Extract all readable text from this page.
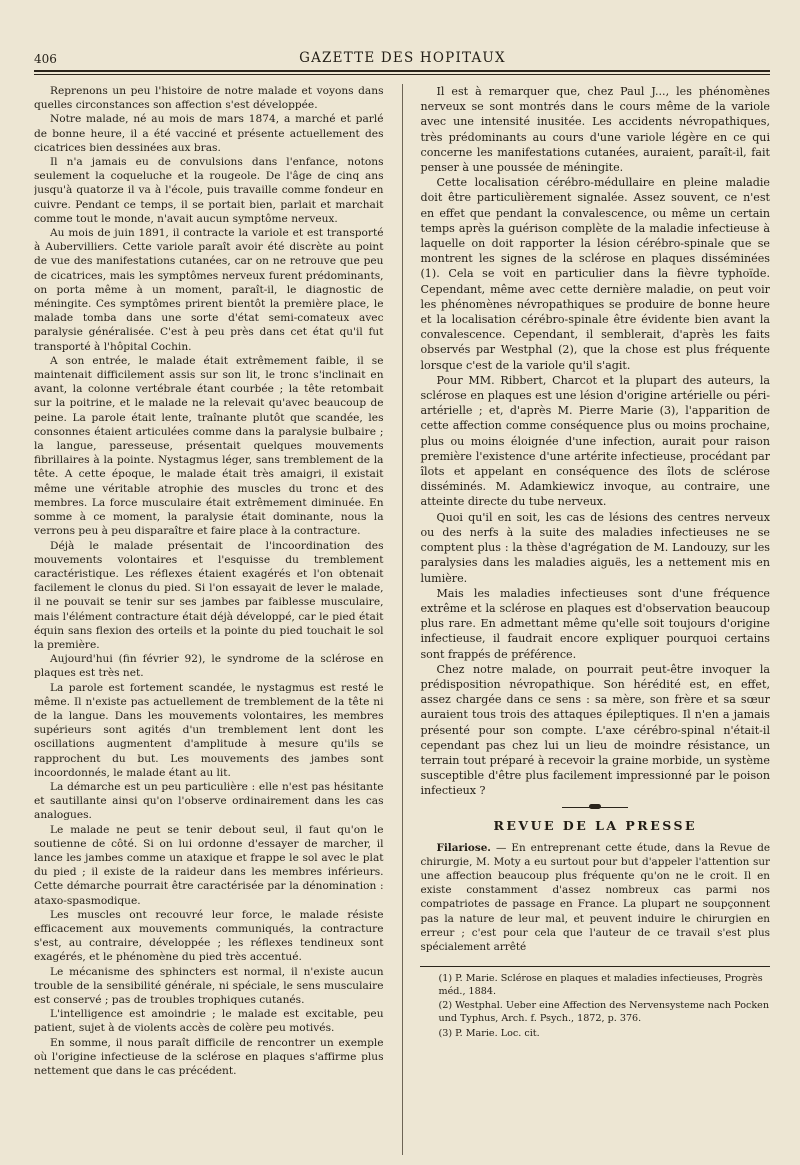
406	GAZETTE DES HOPITAUX

Reprenons un peu l'histoire de notre malade et voyons dans quelles circonstances son affection s'est développée.

Notre malade, né au mois de mars 1874, a marché et parlé de bonne heure, il a été vacciné et présente actuellement des cicatrices bien dessinées aux bras.

Il n'a jamais eu de convulsions dans l'enfance, notons seulement la coqueluche et la rougeole. De l'âge de cinq ans jusqu'à quatorze il va à l'école, puis travaille comme fondeur en cuivre. Pendant ce temps, il se portait bien, parlait et marchait comme tout le monde, n'avait aucun symptôme nerveux.

Au mois de juin 1891, il contracte la variole et est transporté à Aubervilliers. Cette variole paraît avoir été discrète au point de vue des manifestations cutanées, car on ne retrouve que peu de cicatrices, mais les symptômes nerveux furent prédominants, on porta même à un moment, paraît-il, le diagnostic de méningite. Ces symptômes prirent bientôt la première place, le malade tomba dans une sorte d'état semi-comateux avec paralysie généralisée. C'est à peu près dans cet état qu'il fut transporté à l'hôpital Cochin.

A son entrée, le malade était extrêmement faible, il se maintenait difficilement assis sur son lit, le tronc s'inclinait en avant, la colonne vertébrale étant courbée ; la tête retombait sur la poitrine, et le malade ne la relevait qu'avec beaucoup de peine. La parole était lente, traînante plutôt que scandée, les consonnes étaient articulées comme dans la paralysie bulbaire ; la langue, paresseuse, présentait quelques mouvements fibrillaires à la pointe. Nystagmus léger, sans tremblement de la tête. A cette époque, le malade était très amaigri, il existait même une véritable atrophie des muscles du tronc et des membres. La force musculaire était extrêmement diminuée. En somme à ce moment, la paralysie était dominante, nous la verrons peu à peu disparaître et faire place à la contracture.

Déjà le malade présentait de l'incoordination des mouvements volontaires et l'esquisse du tremblement caractéristique. Les réflexes étaient exagérés et l'on obtenait facilement le clonus du pied. Si l'on essayait de lever le malade, il ne pouvait se tenir sur ses jambes par faiblesse musculaire, mais l'élément contracture était déjà développé, car le pied était équin sans flexion des orteils et la pointe du pied touchait le sol la première.

Aujourd'hui (fin février 92), le syndrome de la sclérose en plaques est très net.

La parole est fortement scandée, le nystagmus est resté le même. Il n'existe pas actuellement de tremblement de la tête ni de la langue. Dans les mouvements volontaires, les membres supérieurs sont agités d'un tremblement lent dont les oscillations augmentent d'amplitude à mesure qu'ils se rapprochent du but. Les mouvements des jambes sont incoordonnés, le malade étant au lit.

La démarche est un peu particulière : elle n'est pas hésitante et sautillante ainsi qu'on l'observe ordinairement dans les cas analogues.

Le malade ne peut se tenir debout seul, il faut qu'on le soutienne de côté. Si on lui ordonne d'essayer de marcher, il lance les jambes comme un ataxique et frappe le sol avec le plat du pied ; il existe de la raideur dans les membres inférieurs. Cette démarche pourrait être caractérisée par la dénomination : ataxo-spasmodique.

Les muscles ont recouvré leur force, le malade résiste efficacement aux mouvements communiqués, la contracture s'est, au contraire, développée ; les réflexes tendineux sont exagérés, et le phénomène du pied très accentué.

Le mécanisme des sphincters est normal, il n'existe aucun trouble de la sensibilité générale, ni spéciale, le sens musculaire est conservé ; pas de troubles trophiques cutanés.

L'intelligence est amoindrie ; le malade est excitable, peu patient, sujet à de violents accès de colère peu motivés.

En somme, il nous paraît difficile de rencontrer un exemple où l'origine infectieuse de la sclérose en plaques s'affirme plus nettement que dans le cas précédent.

Il est à remarquer que, chez Paul J..., les phénomènes nerveux se sont montrés dans le cours même de la variole avec une intensité inusitée. Les accidents névropathiques, très prédominants au cours d'une variole légère en ce qui concerne les manifestations cutanées, auraient, paraît-il, fait penser à une poussée de méningite.

Cette localisation cérébro-médullaire en pleine maladie doit être particulièrement signalée. Assez souvent, ce n'est en effet que pendant la convalescence, ou même un certain temps après la guérison complète de la maladie infectieuse à laquelle on doit rapporter la lésion cérébro-spinale que se montrent les signes de la sclérose en plaques disséminées (1). Cela se voit en particulier dans la fièvre typhoïde. Cependant, même avec cette dernière maladie, on peut voir les phénomènes névropathiques se produire de bonne heure et la localisation cérébro-spinale être évidente bien avant la convalescence. Cependant, il semblerait, d'après les faits observés par Westphal (2), que la chose est plus fréquente lorsque c'est de la variole qu'il s'agit.

Pour MM. Ribbert, Charcot et la plupart des auteurs, la sclérose en plaques est une lésion d'origine artérielle ou péri-artérielle ; et, d'après M. Pierre Marie (3), l'apparition de cette affection comme conséquence plus ou moins prochaine, plus ou moins éloignée d'une infection, aurait pour raison première l'existence d'une artérite infectieuse, procédant par îlots et appelant en conséquence des îlots de sclérose disséminés. M. Adamkiewicz invoque, au contraire, une atteinte directe du tube nerveux.

Quoi qu'il en soit, les cas de lésions des centres nerveux ou des nerfs à la suite des maladies infectieuses ne se comptent plus : la thèse d'agrégation de M. Landouzy, sur les paralysies dans les maladies aiguës, les a nettement mis en lumière.

Mais les maladies infectieuses sont d'une fréquence extrême et la sclérose en plaques est d'observation beaucoup plus rare. En admettant même qu'elle soit toujours d'origine infectieuse, il faudrait encore expliquer pourquoi certains sont frappés de préférence.

Chez notre malade, on pourrait peut-être invoquer la prédisposition névropathique. Son hérédité est, en effet, assez chargée dans ce sens : sa mère, son frère et sa sœur auraient tous trois des attaques épileptiques. Il n'en a jamais présenté pour son compte. L'axe cérébro-spinal n'était-il cependant pas chez lui un lieu de moindre résistance, un terrain tout préparé à recevoir la graine morbide, un système susceptible d'être plus facilement impressionné par le poison infectieux ?

REVUE DE LA PRESSE

Filariose. — En entreprenant cette étude, dans la Revue de chirurgie, M. Moty a eu surtout pour but d'appeler l'attention sur une affection beaucoup plus fréquente qu'on ne le croit. Il en existe constamment d'assez nombreux cas parmi nos compatriotes de passage en France. La plupart ne soupçonnent pas la nature de leur mal, et peuvent induire le chirurgien en erreur ; c'est pour cela que l'auteur de ce travail s'est plus spécialement arrêté

(1) P. Marie. Sclérose en plaques et maladies infectieuses, Progrès méd., 1884.

(2) Westphal. Ueber eine Affection des Nervensysteme nach Pocken und Typhus, Arch. f. Psych., 1872, p. 376.

(3) P. Marie. Loc. cit.
